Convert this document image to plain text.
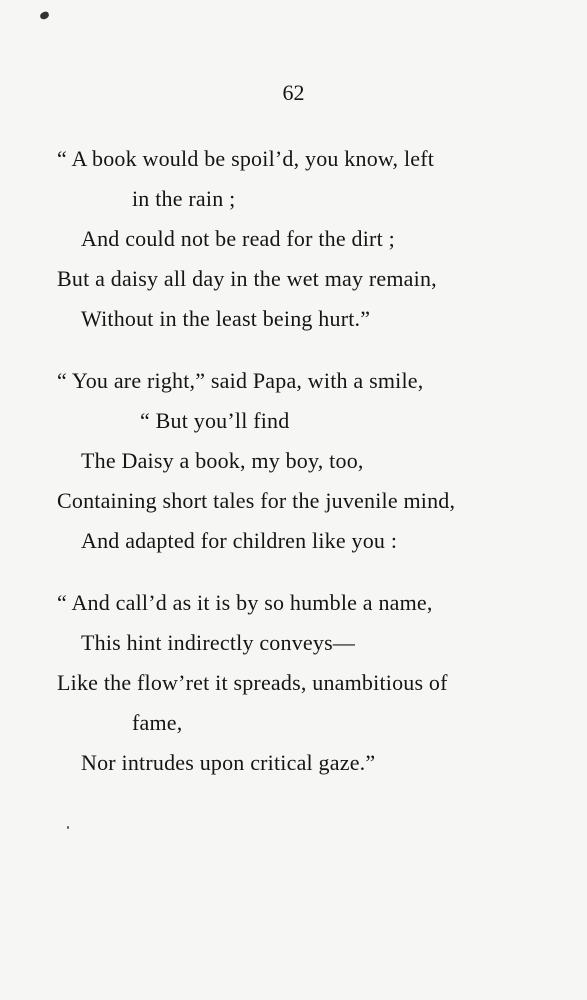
62
“ A book would be spoil’d, you know, left
in the rain ;
And could not be read for the dirt ;
But a daisy all day in the wet may remain,
Without in the least being hurt.”
“ You are right,” said Papa, with a smile,
“ But you’ll find
The Daisy a book, my boy, too,
Containing short tales for the juvenile mind,
And adapted for children like you :
“ And call’d as it is by so humble a name,
This hint indirectly conveys—
Like the flow’ret it spreads, unambitious of
fame,
Nor intrudes upon critical gaze.”
